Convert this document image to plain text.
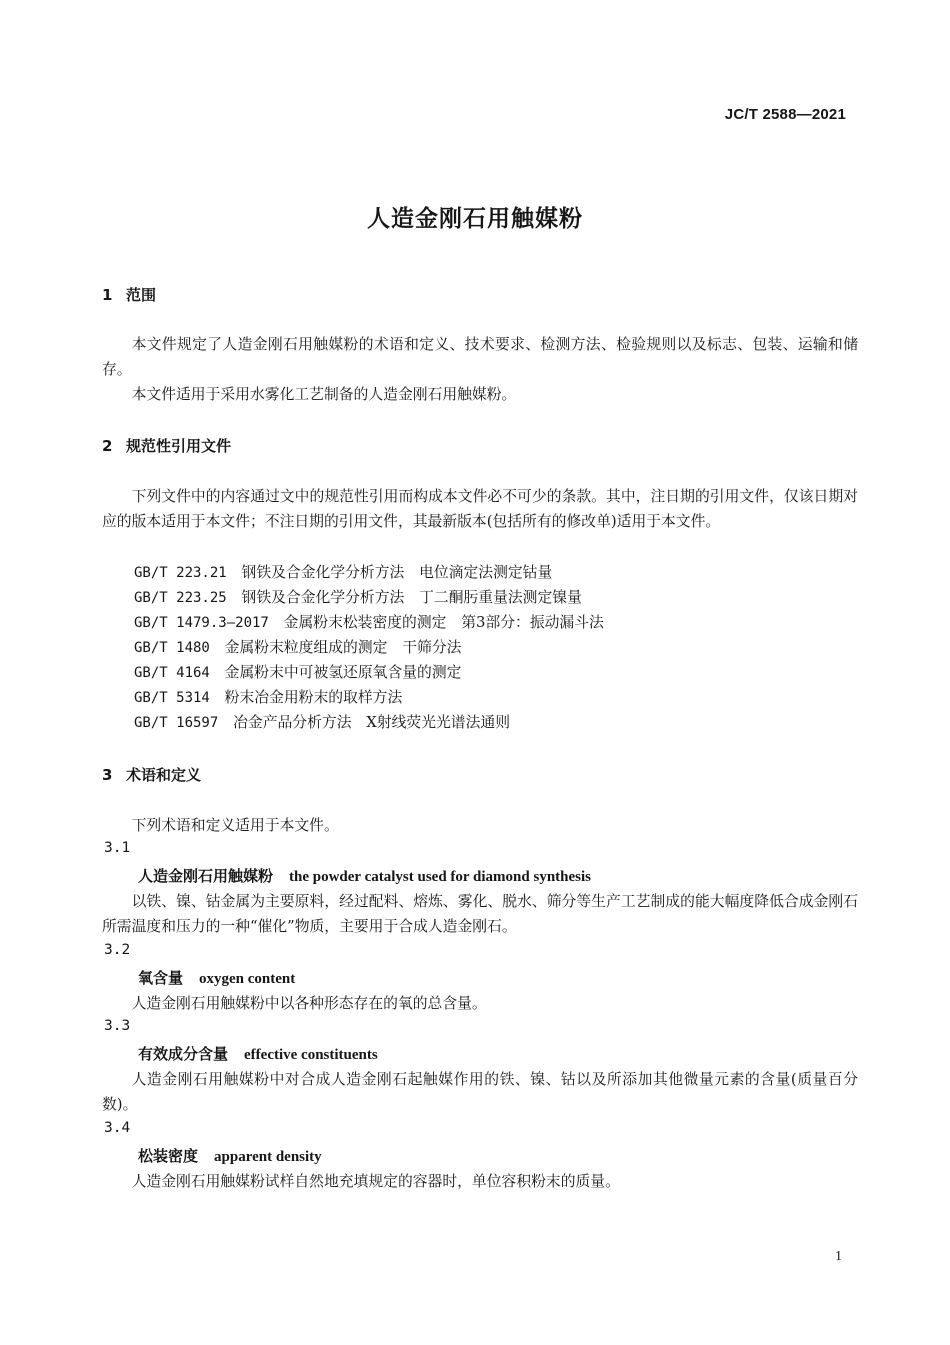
JC/T 2588—2021
人造金刚石用触媒粉
1 范围

本文件规定了人造金刚石用触媒粉的术语和定义、技术要求、检测方法、检验规则以及标志、包装、运输和储存。

本文件适用于采用水雾化工艺制备的人造金刚石用触媒粉。

2 规范性引用文件

下列文件中的内容通过文中的规范性引用而构成本文件必不可少的条款。其中，注日期的引用文件，仅该日期对应的版本适用于本文件；不注日期的引用文件，其最新版本(包括所有的修改单)适用于本文件。

GB/T 223.21　 钢铁及合金化学分析方法　电位滴定法测定钴量
GB/T 223.25　 钢铁及合金化学分析方法　丁二酮肟重量法测定镍量
GB/T 1479.3—2017　 金属粉末松装密度的测定　第3部分：振动漏斗法
GB/T 1480　 金属粉末粒度组成的测定　干筛分法
GB/T 4164　 金属粉末中可被氢还原氧含量的测定
GB/T 5314　 粉末冶金用粉末的取样方法
GB/T 16597　 冶金产品分析方法　X射线荧光光谱法通则
3 术语和定义

下列术语和定义适用于本文件。

3.1
人造金刚石用触媒粉 the powder catalyst used for diamond synthesis

以铁、镍、钴金属为主要原料，经过配料、熔炼、雾化、脱水、筛分等生产工艺制成的能大幅度降低合成金刚石所需温度和压力的一种“催化”物质，主要用于合成人造金刚石。

3.2
氧含量 oxygen content

人造金刚石用触媒粉中以各种形态存在的氧的总含量。

3.3
有效成分含量 effective constituents

人造金刚石用触媒粉中对合成人造金刚石起触媒作用的铁、镍、钴以及所添加其他微量元素的含量(质量百分数)。

3.4
松装密度 apparent density

人造金刚石用触媒粉试样自然地充填规定的容器时，单位容积粉末的质量。

1
